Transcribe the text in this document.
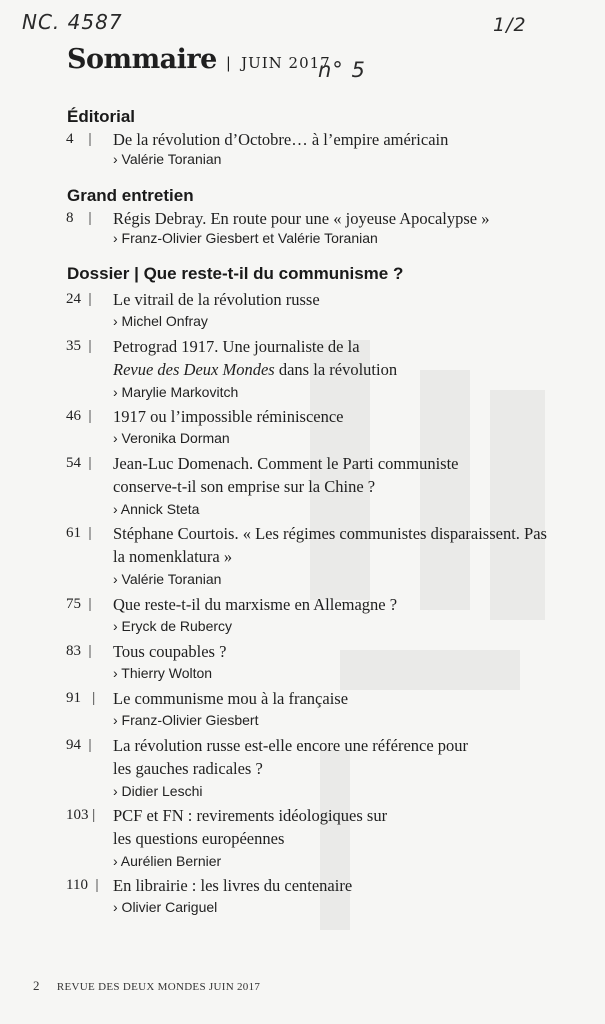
NC. 4587	1/2
Sommaire | JUIN 2017
n° 5
Éditorial
Grand entretien
Dossier | Que reste-t-il du communisme ?
4    |	De la révolution d’Octobre… à l’empire américain
› Valérie Toranian
8    |	Régis Debray. En route pour une « joyeuse Apocalypse »
› Franz-Olivier Giesbert et Valérie Toranian
24  |	Le vitrail de la révolution russe
› Michel Onfray
35  |	Petrograd 1917. Une journaliste de la
Revue des Deux Mondes dans la révolution
› Marylie Markovitch
46  |	1917 ou l’impossible réminiscence
› Veronika Dorman
54  |	Jean-Luc Domenach. Comment le Parti communiste conserve-t-il son emprise sur la Chine ?
› Annick Steta
61  |	Stéphane Courtois. « Les régimes communistes disparaissent. Pas la nomenklatura »
› Valérie Toranian
75  |	Que reste-t-il du marxisme en Allemagne ?
› Eryck de Rubercy
83  |	Tous coupables ?
› Thierry Wolton
91   |	Le communisme mou à la française
› Franz-Olivier Giesbert
94  |	La révolution russe est-elle encore une référence pour les gauches radicales ?
› Didier Leschi
103 |	PCF et FN : revirements idéologiques sur les questions européennes
› Aurélien Bernier
110  | En librairie : les livres du centenaire
› Olivier Cariguel
2 REVUE DES DEUX MONDES JUIN 2017
